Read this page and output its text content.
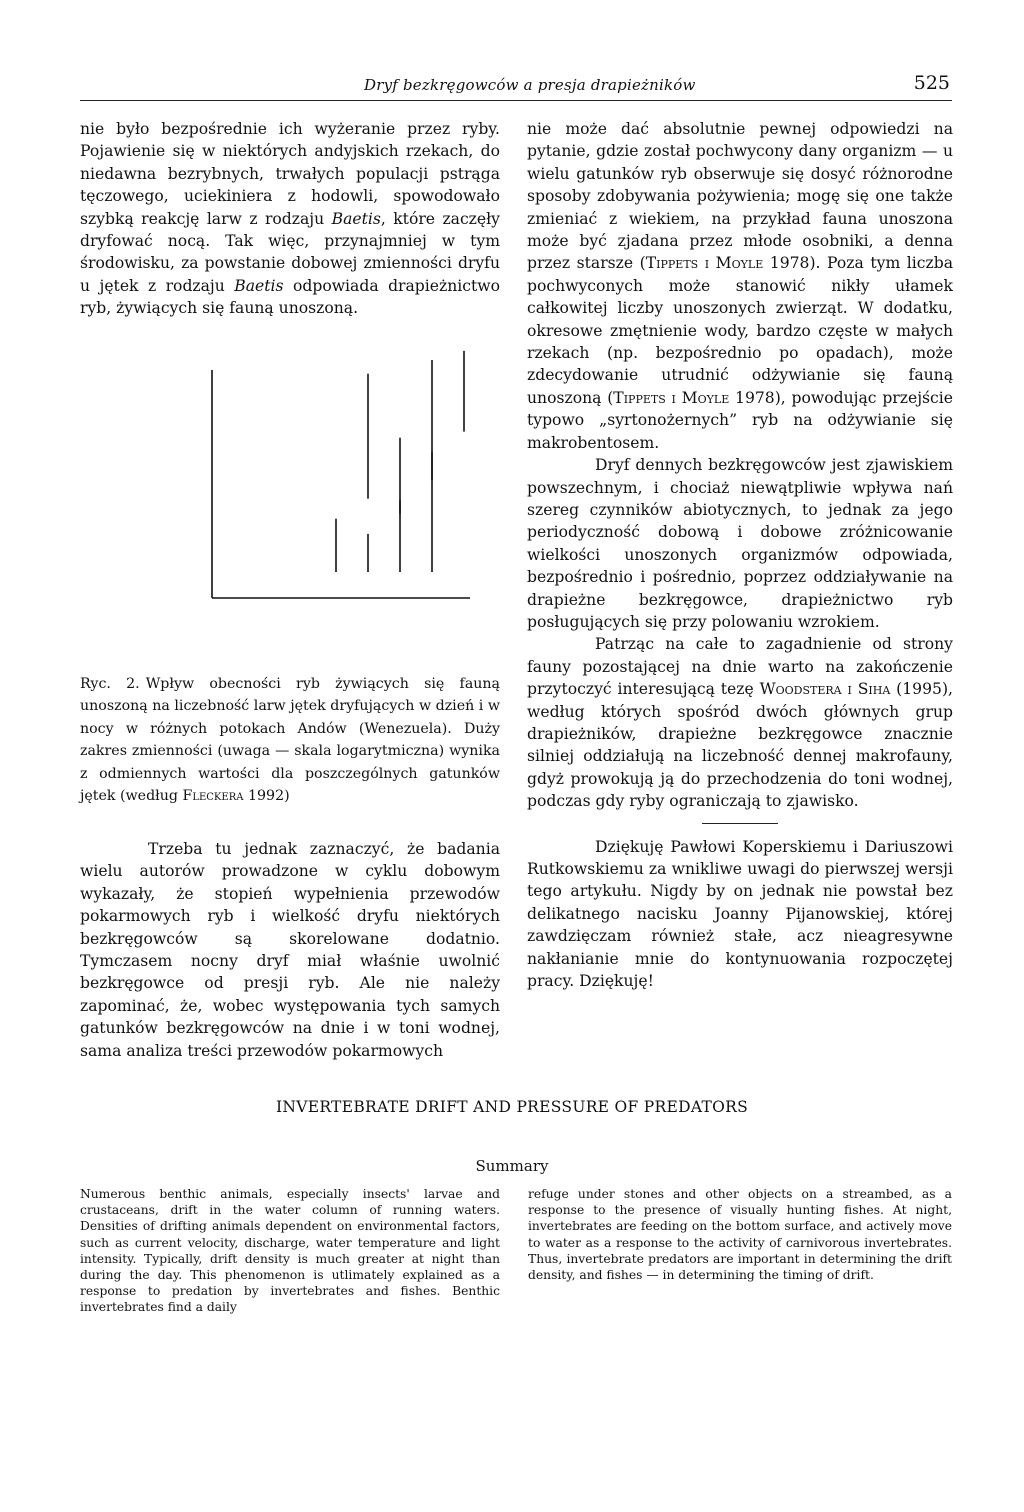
Dryf bezkręgowców a presja drapieżników	525

nie było bezpośrednie ich wyżeranie przez ryby. Pojawienie się w niektórych andyjskich rzekach, do niedawna bezrybnych, trwałych populacji pstrąga tęczowego, uciekiniera z hodowli, spowodowało szybką reakcję larw z rodzaju Baetis, które zaczęły dryfować nocą. Tak więc, przynajmniej w tym środowisku, za powstanie dobowej zmienności dryfu u jętek z rodzaju Baetis odpowiada drapieżnictwo ryb, żywiących się fauną unoszoną.

Ryc. 2. Wpływ obecności ryb żywiących się fauną unoszoną na liczebność larw jętek dryfujących w dzień i w nocy w różnych potokach Andów (Wenezuela). Duży zakres zmienności (uwaga — skala logarytmiczna) wynika z odmiennych wartości dla poszczególnych gatunków jętek (według Fleckera 1992)

Trzeba tu jednak zaznaczyć, że badania wielu autorów prowadzone w cyklu dobowym wykazały, że stopień wypełnienia przewodów pokarmowych ryb i wielkość dryfu niektórych bezkręgowców są skorelowane dodatnio. Tymczasem nocny dryf miał właśnie uwolnić bezkręgowce od presji ryb. Ale nie należy zapominać, że, wobec występowania tych samych gatunków bezkręgowców na dnie i w toni wodnej, sama analiza treści przewodów pokarmowych

nie może dać absolutnie pewnej odpowiedzi na pytanie, gdzie został pochwycony dany organizm — u wielu gatunków ryb obserwuje się dosyć różnorodne sposoby zdobywania pożywienia; mogę się one także zmieniać z wiekiem, na przykład fauna unoszona może być zjadana przez młode osobniki, a denna przez starsze (Tippets i Moyle 1978). Poza tym liczba pochwyconych może stanowić nikły ułamek całkowitej liczby unoszonych zwierząt. W dodatku, okresowe zmętnienie wody, bardzo częste w małych rzekach (np. bezpośrednio po opadach), może zdecydowanie utrudnić odżywianie się fauną unoszoną (Tippets i Moyle 1978), powodując przejście typowo „syrtonożernych” ryb na odżywianie się makrobentosem.

Dryf dennych bezkręgowców jest zjawiskiem powszechnym, i chociaż niewątpliwie wpływa nań szereg czynników abiotycznych, to jednak za jego periodyczność dobową i dobowe zróżnicowanie wielkości unoszonych organizmów odpowiada, bezpośrednio i pośrednio, poprzez oddziaływanie na drapieżne bezkręgowce, drapieżnictwo ryb posługujących się przy polowaniu wzrokiem.

Patrząc na całe to zagadnienie od strony fauny pozostającej na dnie warto na zakończenie przytoczyć interesującą tezę Woodstera i Siha (1995), według których spośród dwóch głównych grup drapieżników, drapieżne bezkręgowce znacznie silniej oddziałują na liczebność dennej makrofauny, gdyż prowokują ją do przechodzenia do toni wodnej, podczas gdy ryby ograniczają to zjawisko.

Dziękuję Pawłowi Koperskiemu i Dariuszowi Rutkowskiemu za wnikliwe uwagi do pierwszej wersji tego artykułu. Nigdy by on jednak nie powstał bez delikatnego nacisku Joanny Pijanowskiej, której zawdzięczam również stałe, acz nieagresywne nakłanianie mnie do kontynuowania rozpoczętej pracy. Dziękuję!

INVERTEBRATE DRIFT AND PRESSURE OF PREDATORS
Summary
Numerous benthic animals, especially insects' larvae and crustaceans, drift in the water column of running waters. Densities of drifting animals dependent on environmental factors, such as current velocity, discharge, water temperature and light intensity. Typically, drift density is much greater at night than during the day. This phenomenon is utlimately explained as a response to predation by invertebrates and fishes. Benthic invertebrates find a daily
refuge under stones and other objects on a streambed, as a response to the presence of visually hunting fishes. At night, invertebrates are feeding on the bottom surface, and actively move to water as a response to the activity of carnivorous invertebrates. Thus, invertebrate predators are important in determining the drift density, and fishes — in determining the timing of drift.
